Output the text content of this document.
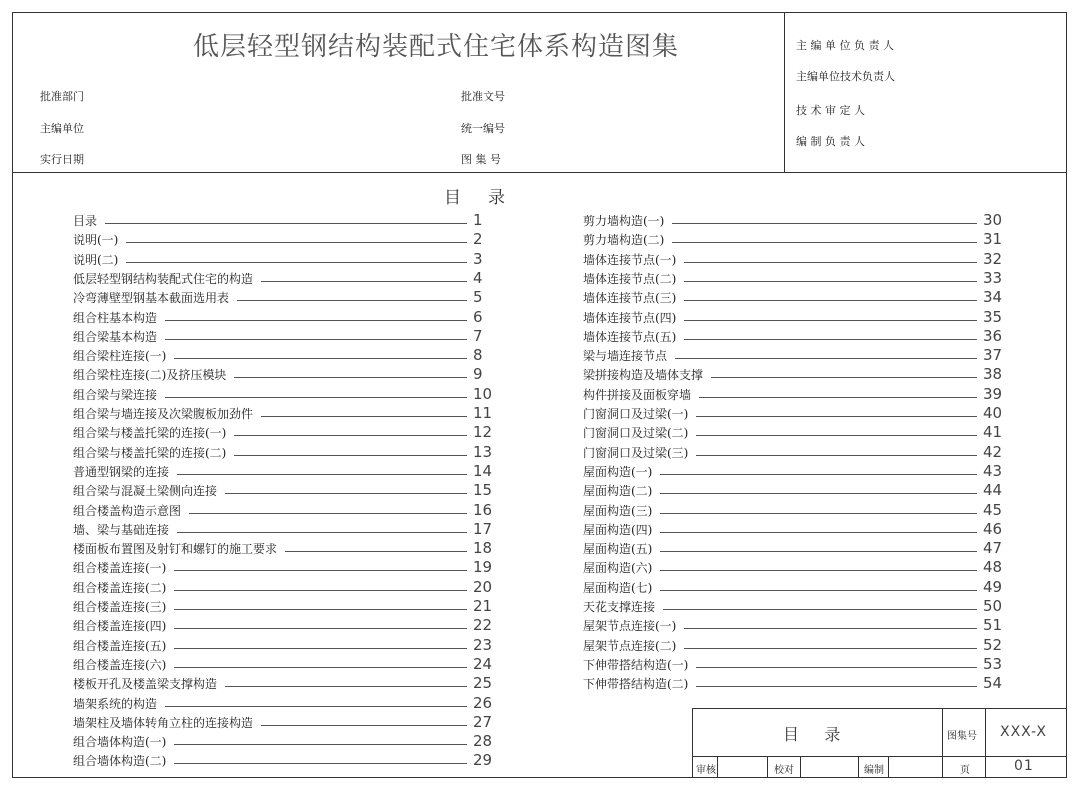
低层轻型钢结构装配式住宅体系构造图集
批准部门
主编单位
实行日期
批准文号
统一编号
图 集 号
主 编 单 位 负 责 人
主编单位技术负责人
技 术 审 定 人
编 制 负 责 人
目     录
目录	1
说明(一)	2
说明(二)	3
低层轻型钢结构装配式住宅的构造	4
冷弯薄壁型钢基本截面选用表	5
组合柱基本构造	6
组合梁基本构造	7
组合梁柱连接(一)	8
组合梁柱连接(二)及挤压模块	9
组合梁与梁连接	10
组合梁与墙连接及次梁腹板加劲件	11
组合梁与楼盖托梁的连接(一)	12
组合梁与楼盖托梁的连接(二)	13
普通型钢梁的连接	14
组合梁与混凝土梁侧向连接	15
组合楼盖构造示意图	16
墙、梁与基础连接	17
楼面板布置图及射钉和螺钉的施工要求	18
组合楼盖连接(一)	19
组合楼盖连接(二)	20
组合楼盖连接(三)	21
组合楼盖连接(四)	22
组合楼盖连接(五)	23
组合楼盖连接(六)	24
楼板开孔及楼盖梁支撑构造	25
墙架系统的构造	26
墙架柱及墙体转角立柱的连接构造	27
组合墙体构造(一)	28
组合墙体构造(二)	29
剪力墙构造(一)	30
剪力墙构造(二)	31
墙体连接节点(一)	32
墙体连接节点(二)	33
墙体连接节点(三)	34
墙体连接节点(四)	35
墙体连接节点(五)	36
梁与墙连接节点	37
梁拼接构造及墙体支撑	38
构件拼接及面板穿墙	39
门窗洞口及过梁(一)	40
门窗洞口及过梁(二)	41
门窗洞口及过梁(三)	42
屋面构造(一)	43
屋面构造(二)	44
屋面构造(三)	45
屋面构造(四)	46
屋面构造(五)	47
屋面构造(六)	48
屋面构造(七)	49
天花支撑连接	50
屋架节点连接(一)	51
屋架节点连接(二)	52
下伸带搭结构造(一)	53
下伸带搭结构造(二)	54
目     录	图集号 XXX-X
审核	校对	编制	页	01
